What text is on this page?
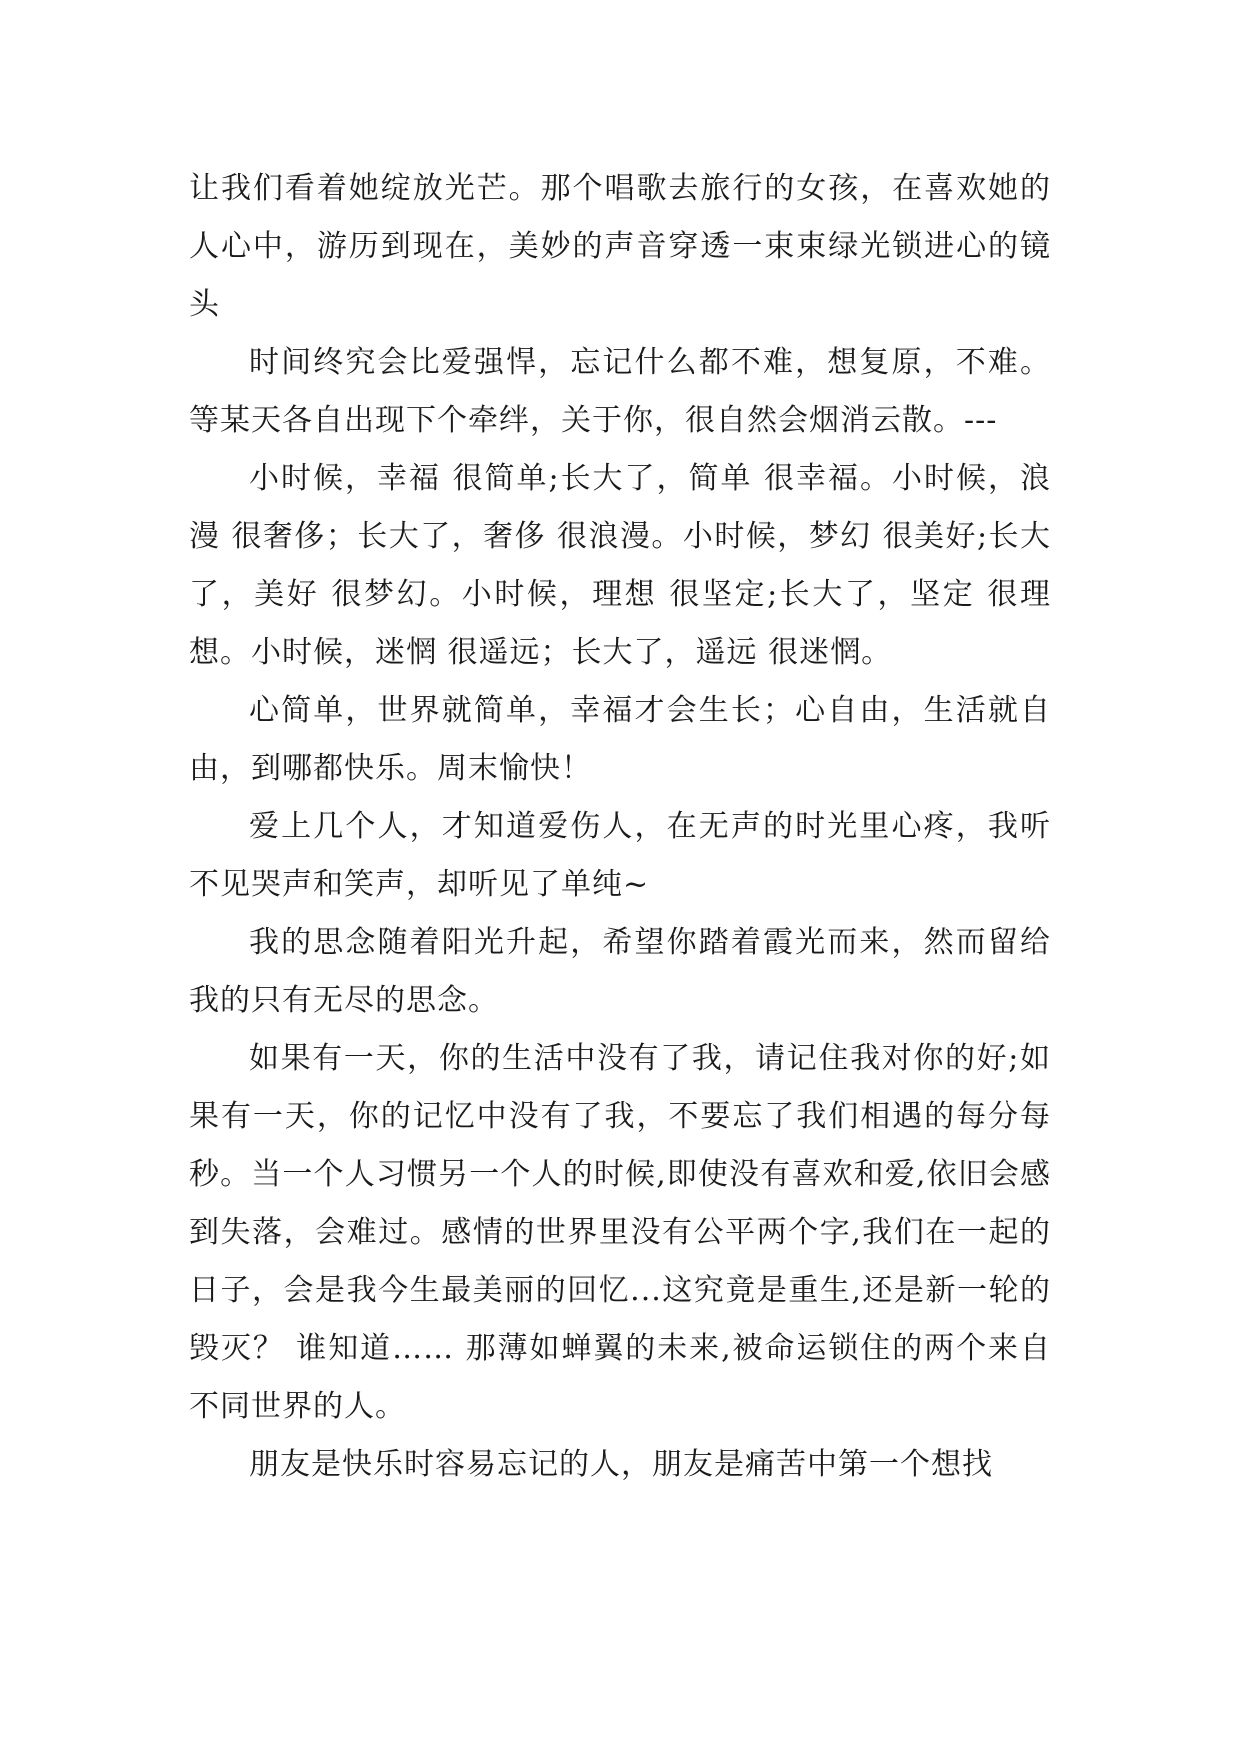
让我们看着她绽放光芒。那个唱歌去旅行的女孩，在喜欢她的人心中，游历到现在，美妙的声音穿透一束束绿光锁进心的镜头

时间终究会比爱强悍，忘记什么都不难，想复原，不难。等某天各自出现下个牵绊，关于你，很自然会烟消云散。---

小时候，幸福 很简单;长大了，简单 很幸福。小时候，浪漫 很奢侈；长大了，奢侈 很浪漫。小时候，梦幻 很美好;长大了，美好 很梦幻。小时候，理想 很坚定;长大了，坚定 很理想。小时候，迷惘 很遥远；长大了，遥远 很迷惘。

心简单，世界就简单，幸福才会生长；心自由，生活就自由，到哪都快乐。周末愉快！

爱上几个人，才知道爱伤人，在无声的时光里心疼，我听不见哭声和笑声，却听见了单纯~

我的思念随着阳光升起，希望你踏着霞光而来，然而留给我的只有无尽的思念。

如果有一天，你的生活中没有了我，请记住我对你的好;如果有一天，你的记忆中没有了我，不要忘了我们相遇的每分每秒。当一个人习惯另一个人的时候,即使没有喜欢和爱,依旧会感到失落，会难过。感情的世界里没有公平两个字,我们在一起的日子，会是我今生最美丽的回忆...这究竟是重生,还是新一轮的毁灭？ 谁知道…… 那薄如蝉翼的未来,被命运锁住的两个来自不同世界的人。

朋友是快乐时容易忘记的人，朋友是痛苦中第一个想找
